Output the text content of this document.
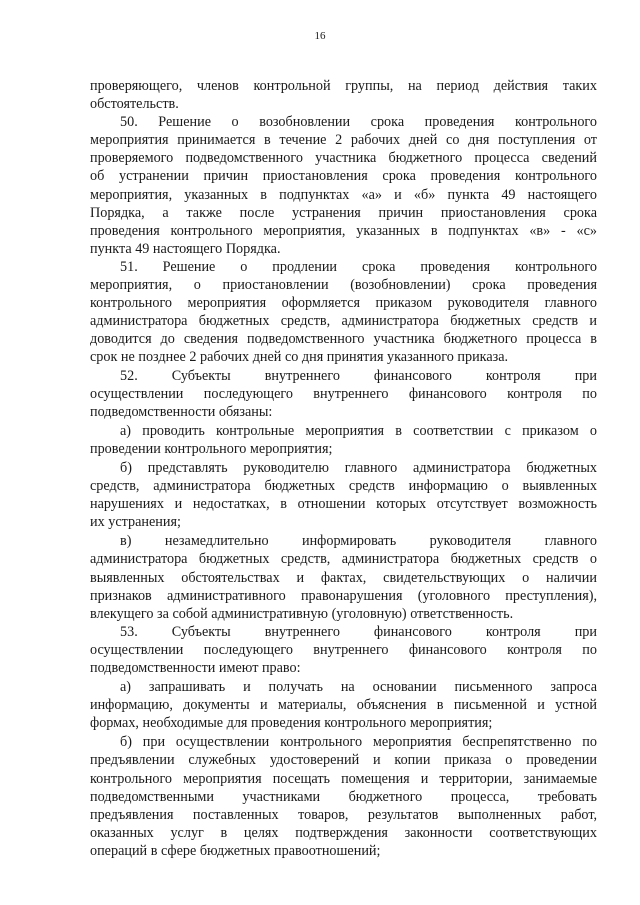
16
проверяющего, членов контрольной группы, на период действия таких
обстоятельств.
50. Решение о возобновлении срока проведения контрольного
мероприятия принимается в течение 2 рабочих дней со дня поступления от
проверяемого подведомственного участника бюджетного процесса сведений
об устранении причин приостановления срока проведения контрольного
мероприятия, указанных в подпунктах «а» и «б» пункта 49 настоящего
Порядка, а также после устранения причин приостановления срока
проведения контрольного мероприятия, указанных в подпунктах «в» - «с»
пункта 49 настоящего Порядка.
51. Решение о продлении срока проведения контрольного
мероприятия, о приостановлении (возобновлении) срока проведения
контрольного мероприятия оформляется приказом руководителя главного
администратора бюджетных средств, администратора бюджетных средств и
доводится до сведения подведомственного участника бюджетного процесса в
срок не позднее 2 рабочих дней со дня принятия указанного приказа.
52. Субъекты внутреннего финансового контроля при
осуществлении последующего внутреннего финансового контроля по
подведомственности обязаны:
а) проводить контрольные мероприятия в соответствии с приказом о
проведении контрольного мероприятия;
б) представлять руководителю главного администратора бюджетных
средств, администратора бюджетных средств информацию о выявленных
нарушениях и недостатках, в отношении которых отсутствует возможность
их устранения;
в) незамедлительно информировать руководителя главного
администратора бюджетных средств, администратора бюджетных средств о
выявленных обстоятельствах и фактах, свидетельствующих о наличии
признаков административного правонарушения (уголовного преступления),
влекущего за собой административную (уголовную) ответственность.
53. Субъекты внутреннего финансового контроля при
осуществлении последующего внутреннего финансового контроля по
подведомственности имеют право:
а) запрашивать и получать на основании письменного запроса
информацию, документы и материалы, объяснения в письменной и устной
формах, необходимые для проведения контрольного мероприятия;
б) при осуществлении контрольного мероприятия беспрепятственно по
предъявлении служебных удостоверений и копии приказа о проведении
контрольного мероприятия посещать помещения и территории, занимаемые
подведомственными участниками бюджетного процесса, требовать
предъявления поставленных товаров, результатов выполненных работ,
оказанных услуг в целях подтверждения законности соответствующих
операций в сфере бюджетных правоотношений;
